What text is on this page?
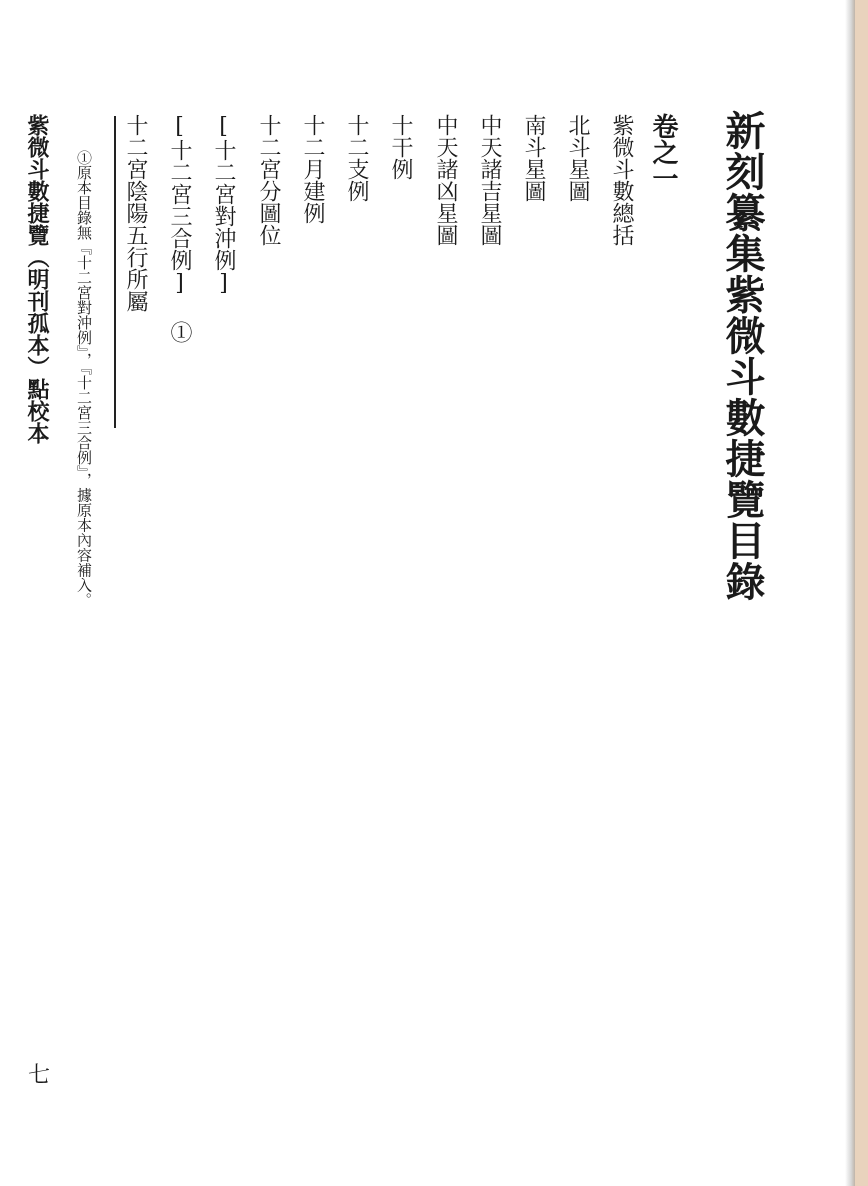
新刻纂集紫微斗數捷覽目錄
卷之一
紫微斗數總括
北斗星圖
南斗星圖
中天諸吉星圖
中天諸凶星圖
十干例
十二支例
十二月建例
十二宮分圖位
[十二宮對沖例]
[十二宮三合例] ①
十二宮陰陽五行所屬
①原本目錄無『十二宮對沖例』，『十二宮三合例』，據原本內容補入。
紫微斗數捷覽（明刊孤本）點校本
七
